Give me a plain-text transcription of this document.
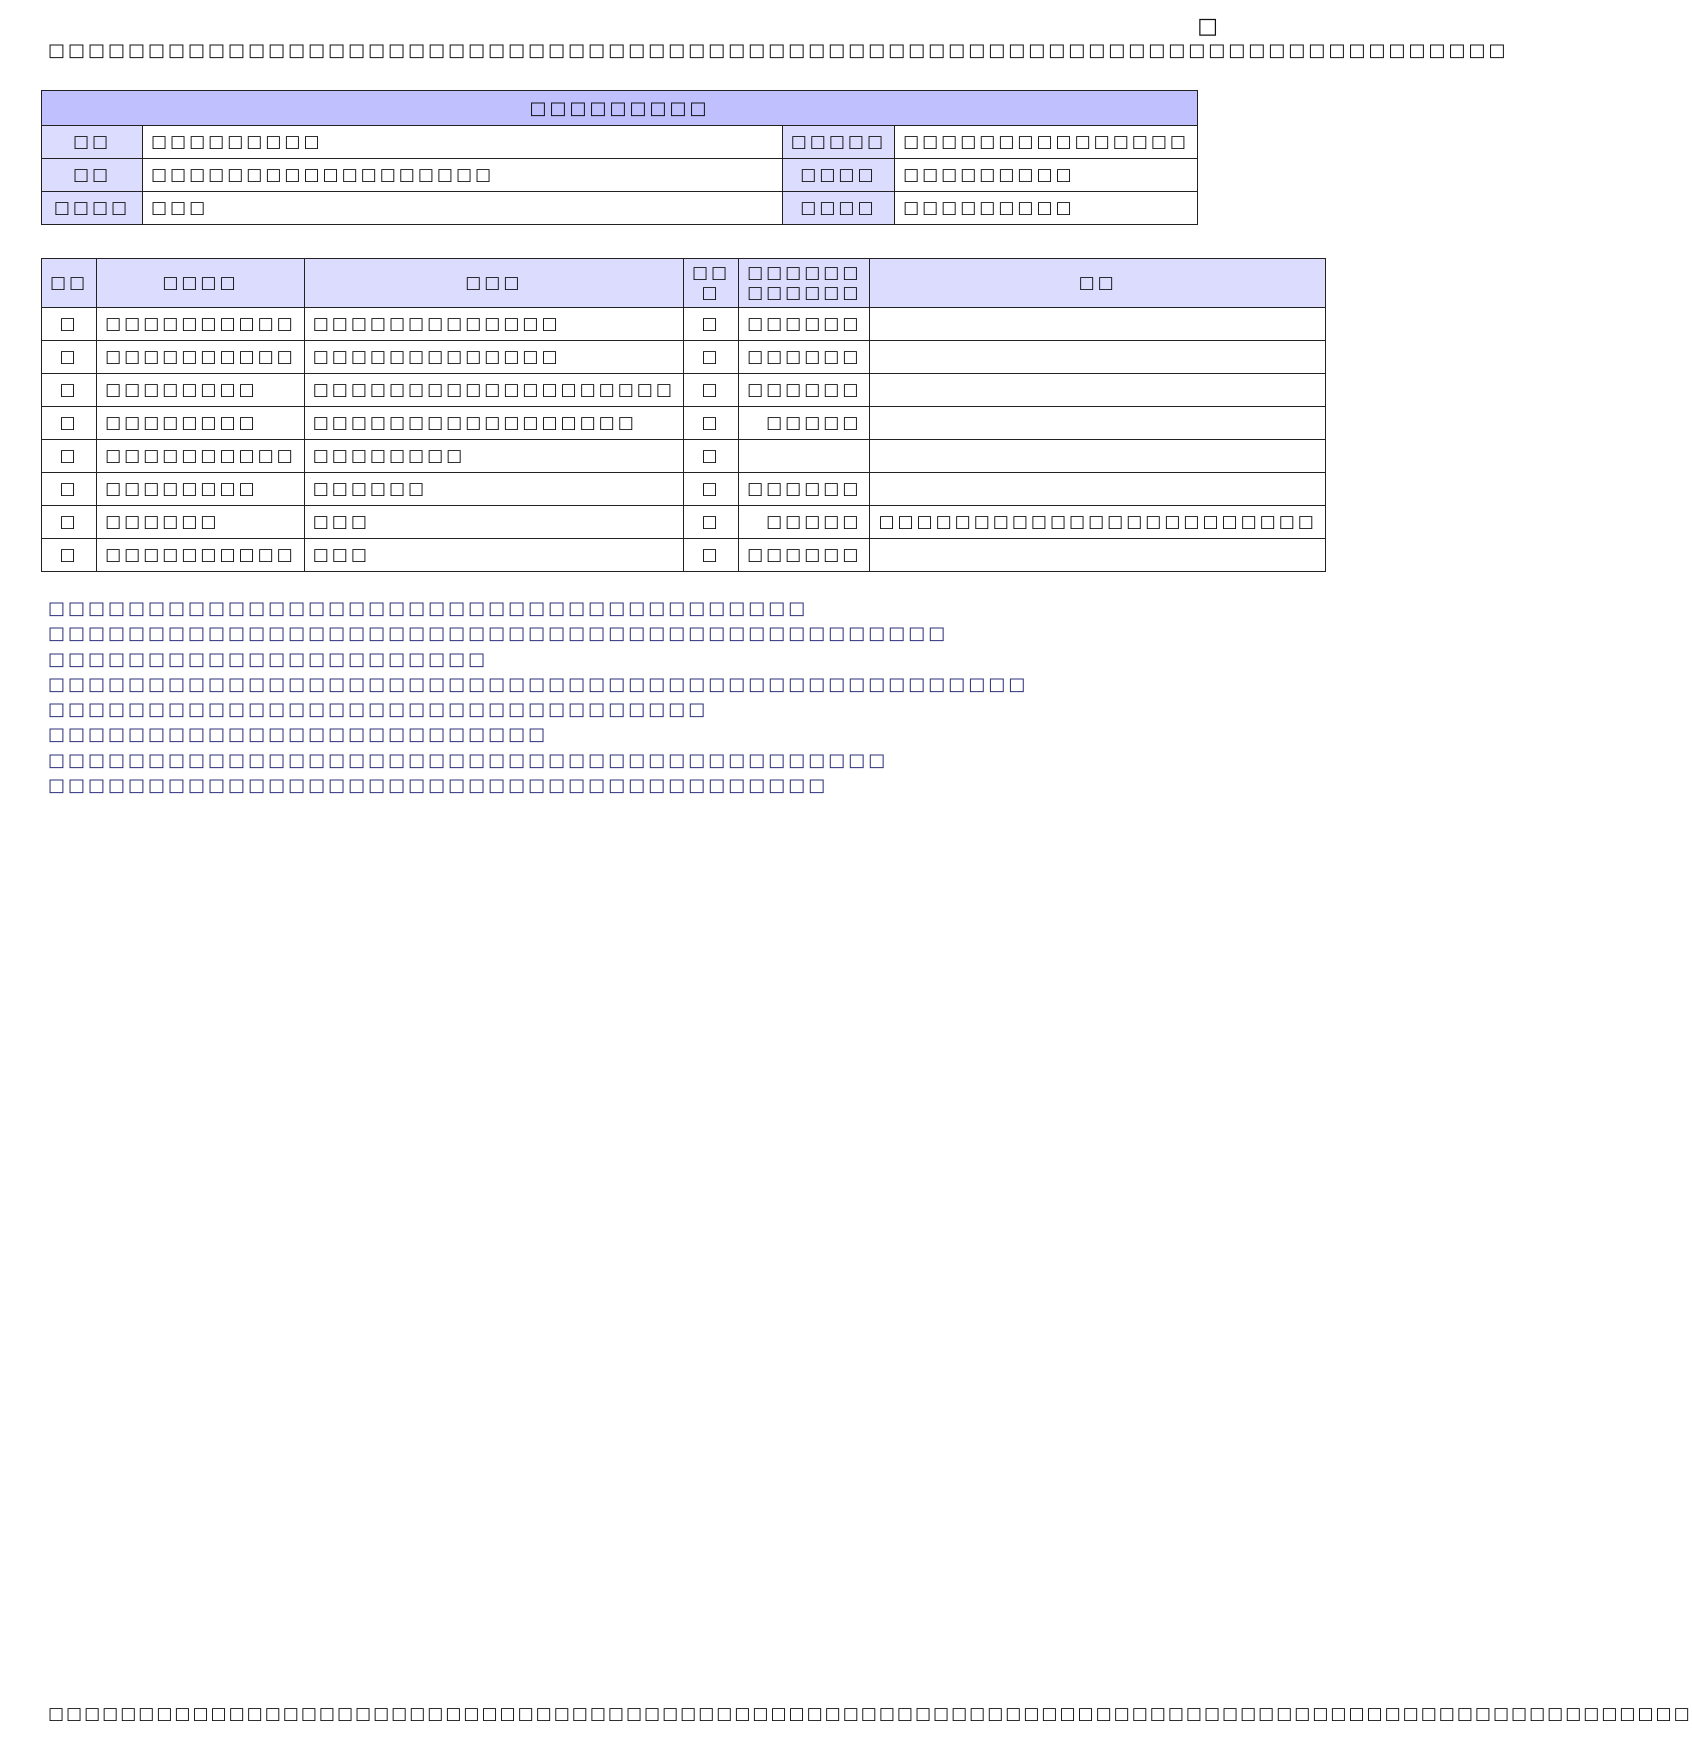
□
□□□□□□□□□□□□□□□□□□□□□□□□□□□□□□□□□□□□□□□□□□□□□□□□□□□□□□□□□□□□□□□□□□□□□□□□□
□□□□□□□□□			
□□	□□□□□□□□□	□□□□□	□□□□□□□□□□□□□□□
□□	□□□□□□□□□□□□□□□□□□	□□□□	□□□□□□□□□
□□□□	□□□	□□□□	□□□□□□□□□
□□	□□□□	□□□	□□ □	□□□□□□ □□□□□□	□□
□	□□□□□□□□□□	□□□□□□□□□□□□□	□	□□□□□□	
□	□□□□□□□□□□	□□□□□□□□□□□□□	□	□□□□□□	
□	□□□□□□□□	□□□□□□□□□□□□□□□□□□□	□	□□□□□□	
□	□□□□□□□□	□□□□□□□□□□□□□□□□□	□	□□□□□	
□	□□□□□□□□□□	□□□□□□□□	□		
□	□□□□□□□□	□□□□□□	□	□□□□□□	
□	□□□□□□	□□□	□	□□□□□	□□□□□□□□□□□□□□□□□□□□□□□
□	□□□□□□□□□□	□□□	□	□□□□□□	
□□□□□□□□□□□□□□□□□□□□□□□□□□□□□□□□□□□□□□
□□□□□□□□□□□□□□□□□□□□□□□□□□□□□□□□□□□□□□□□□□□□□
□□□□□□□□□□□□□□□□□□□□□□
□□□□□□□□□□□□□□□□□□□□□□□□□□□□□□□□□□□□□□□□□□□□□□□□□
□□□□□□□□□□□□□□□□□□□□□□□□□□□□□□□□□
□□□□□□□□□□□□□□□□□□□□□□□□□
□□□□□□□□□□□□□□□□□□□□□□□□□□□□□□□□□□□□□□□□□□
□□□□□□□□□□□□□□□□□□□□□□□□□□□□□□□□□□□□□□□
□□□□□□□□□□□□□□□□□□□□□□□□□□□□□□□□□□□□□□□□□□□□□□□□□□□□□□□□□□□□□□□□□□□□□□□□□□□□□□□□□□□□□□□□□□□
